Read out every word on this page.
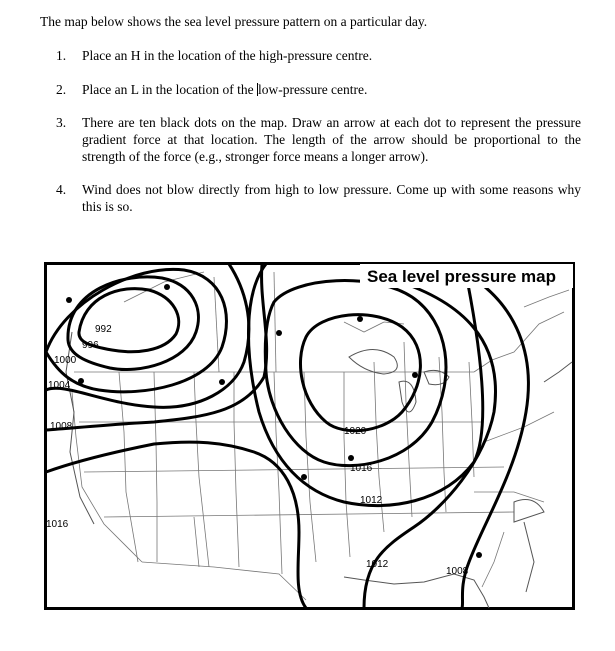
The map below shows the sea level pressure pattern on a particular day.
1.	Place an H in the location of the high-pressure centre.
2.	Place an L in the location of the low-pressure centre.
3.	There are ten black dots on the map. Draw an arrow at each dot to represent the pressure gradient force at that location. The length of the arrow should be proportional to the strength of the force (e.g., stronger force means a longer arrow).
4.	Wind does not blow directly from high to low pressure. Come up with some reasons why this is so.
992
996
1000
1004
1008
1016
1020
1016
1012
1012
1008
Sea level pressure map
